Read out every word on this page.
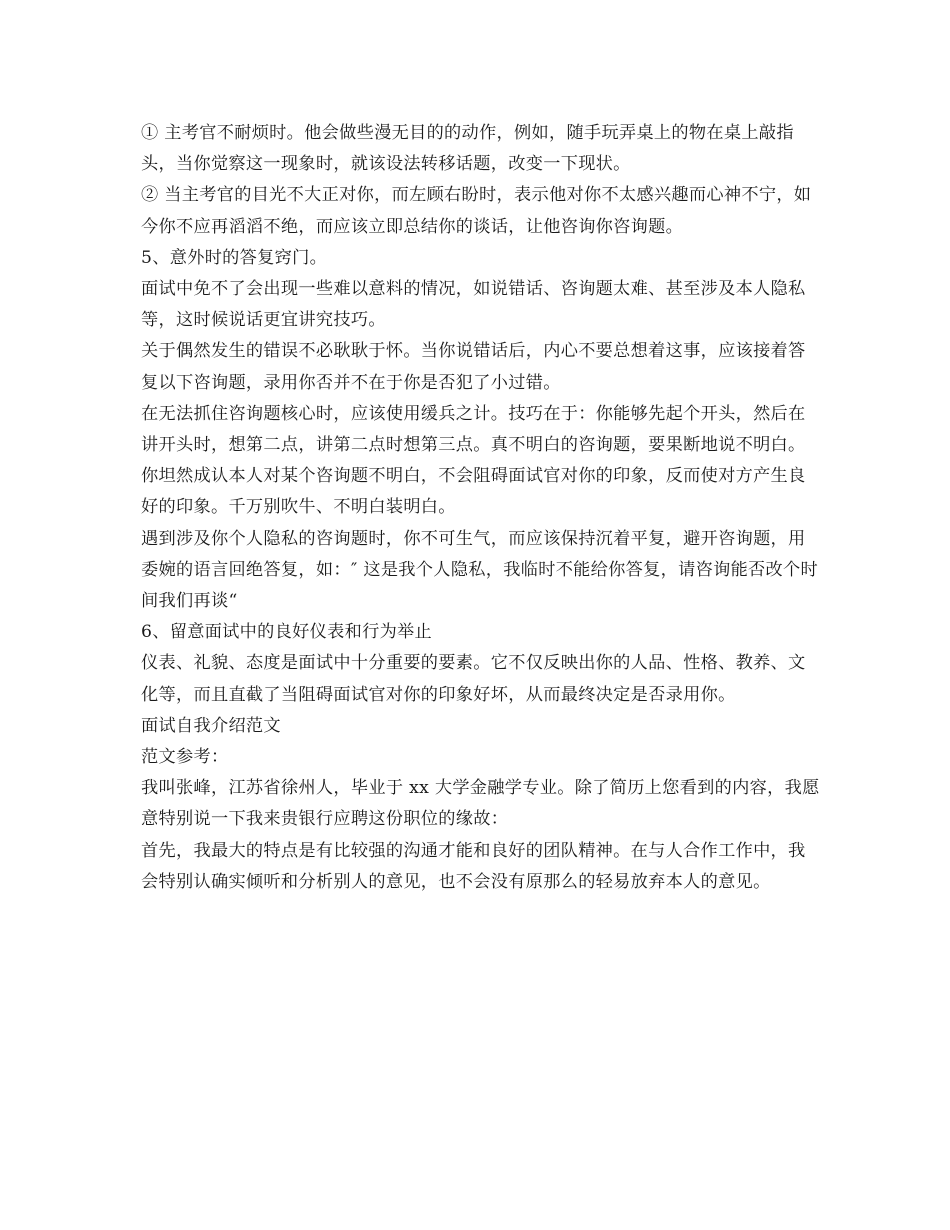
① 主考官不耐烦时。他会做些漫无目的的动作，例如，随手玩弄桌上的物在桌上敲指头，当你觉察这一现象时，就该设法转移话题，改变一下现状。

② 当主考官的目光不大正对你，而左顾右盼时，表示他对你不太感兴趣而心神不宁，如今你不应再滔滔不绝，而应该立即总结你的谈话，让他咨询你咨询题。

5、意外时的答复窍门。

面试中免不了会出现一些难以意料的情况，如说错话、咨询题太难、甚至涉及本人隐私等，这时候说话更宜讲究技巧。

关于偶然发生的错误不必耿耿于怀。当你说错话后，内心不要总想着这事，应该接着答复以下咨询题，录用你否并不在于你是否犯了小过错。

在无法抓住咨询题核心时，应该使用缓兵之计。技巧在于：你能够先起个开头，然后在讲开头时，想第二点，讲第二点时想第三点。真不明白的咨询题，要果断地说不明白。你坦然成认本人对某个咨询题不明白，不会阻碍面试官对你的印象，反而使对方产生良好的印象。千万别吹牛、不明白装明白。

遇到涉及你个人隐私的咨询题时，你不可生气，而应该保持沉着平复，避开咨询题，用委婉的语言回绝答复，如：″ 这是我个人隐私，我临时不能给你答复，请咨询能否改个时间我们再谈“

6、留意面试中的良好仪表和行为举止

仪表、礼貌、态度是面试中十分重要的要素。它不仅反映出你的人品、性格、教养、文化等，而且直截了当阻碍面试官对你的印象好坏，从而最终决定是否录用你。

面试自我介绍范文

范文参考：

我叫张峰，江苏省徐州人，毕业于 xx 大学金融学专业。除了简历上您看到的内容，我愿意特别说一下我来贵银行应聘这份职位的缘故：

首先，我最大的特点是有比较强的沟通才能和良好的团队精神。在与人合作工作中，我会特别认确实倾听和分析别人的意见，也不会没有原那么的轻易放弃本人的意见。
